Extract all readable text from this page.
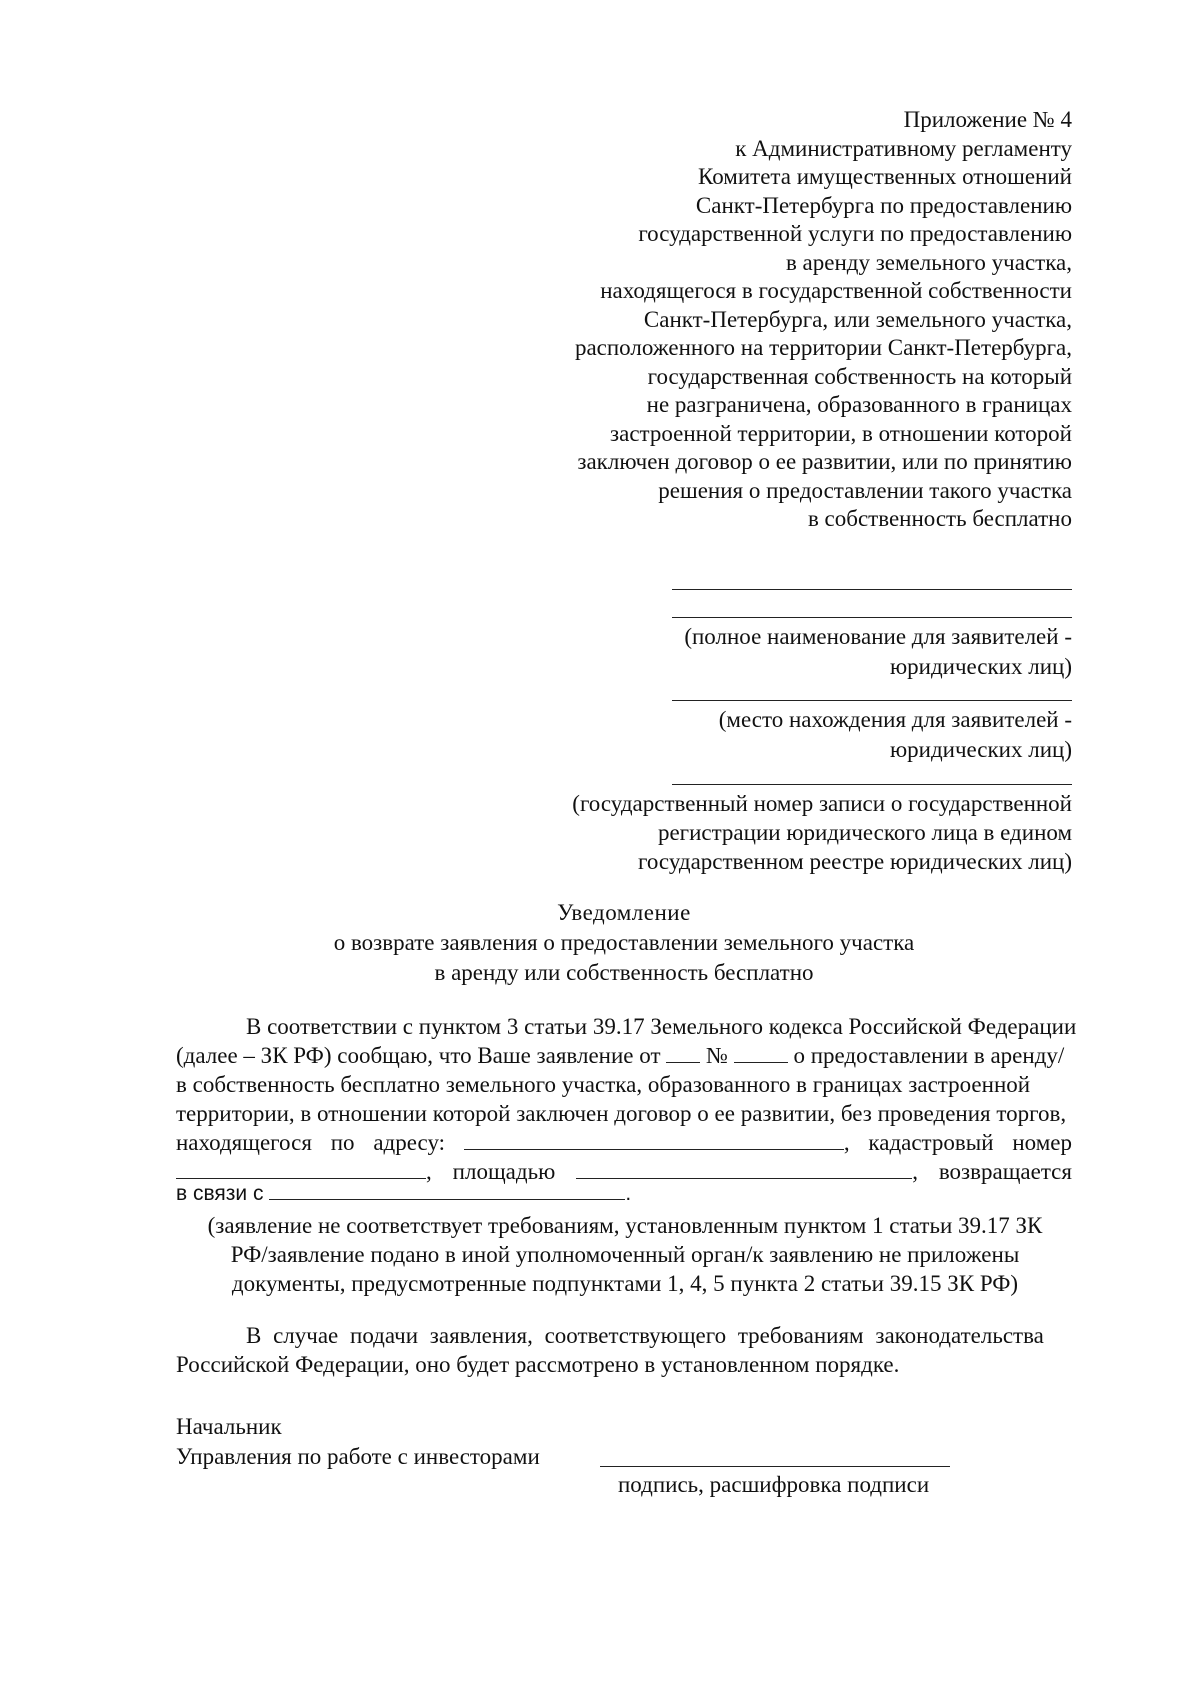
Приложение № 4
к Административному регламенту
Комитета имущественных отношений
Санкт-Петербурга по предоставлению
государственной услуги по предоставлению
в аренду земельного участка,
находящегося в государственной собственности
Санкт-Петербурга, или земельного участка,
расположенного на территории Санкт-Петербурга,
государственная собственность на который
не разграничена, образованного в границах
застроенной территории, в отношении которой
заключен договор о ее развитии, или по принятию
решения о предоставлении такого участка
в собственность бесплатно
(полное наименование для заявителей -
юридических лиц)
(место нахождения для заявителей -
юридических лиц)
(государственный номер записи о государственной
регистрации юридического лица в едином
государственном реестре юридических лиц)
Уведомление
о возврате заявления о предоставлении земельного участка
в аренду или собственность бесплатно
В соответствии с пунктом 3 статьи 39.17 Земельного кодекса Российской Федерации
(далее – ЗК РФ) сообщаю, что Ваше заявление от №	о предоставлении в аренду/
в собственность бесплатно земельного участка, образованного в границах застроенной
территории, в отношении которой заключен договор о ее развитии, без проведения торгов,
находящегося по адресу:	, кадастровый номер
, площадью	, возвращается
в связи с	.
(заявление не соответствует требованиям, установленным пунктом 1 статьи 39.17 ЗК
РФ/заявление подано в иной уполномоченный орган/к заявлению не приложены
документы, предусмотренные подпунктами 1, 4, 5 пункта 2 статьи 39.15 ЗК РФ)
В случае подачи заявления, соответствующего требованиям законодательства
Российской Федерации, оно будет рассмотрено в установленном порядке.
Начальник
Управления по работе с инвесторами
подпись, расшифровка подписи
